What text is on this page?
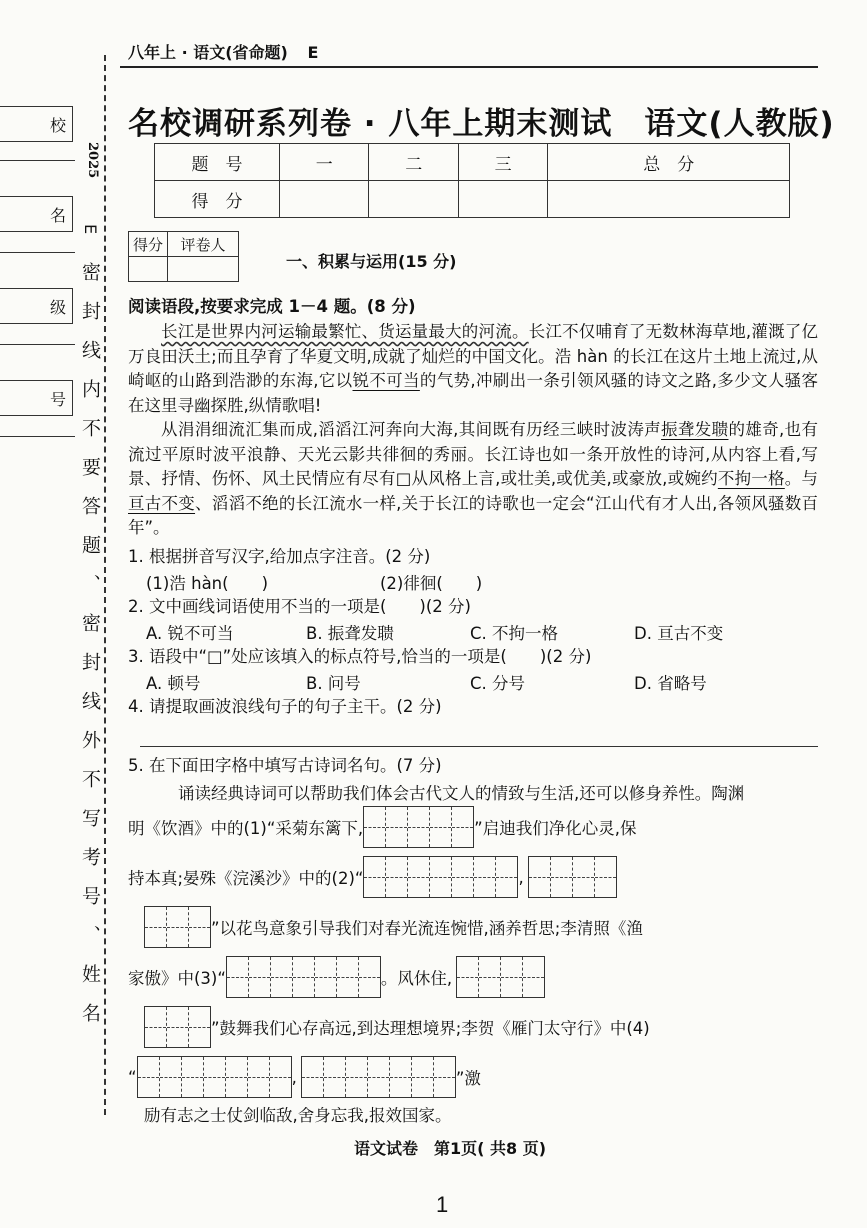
八年上 · 语文(省命题) E
校
名
级
号
2025
E
密封线内不要答题、密封线外不写考号、姓名
名校调研系列卷 · 八年上期末测试　语文(人教版)
题　号	一	二	三	总　分
得　分				
得分	评卷人

一、积累与运用(15 分)
阅读语段,按要求完成 1－4 题。(8 分)
长江是世界内河运输最繁忙、货运量最大的河流。长江不仅哺育了无数林海草地,灌溉了亿万良田沃土;而且孕育了华夏文明,成就了灿烂的中国文化。浩 hàn 的长江在这片土地上流过,从崎岖的山路到浩渺的东海,它以锐不可当的气势,冲刷出一条引领风骚的诗文之路,多少文人骚客在这里寻幽探胜,纵情歌唱!
从涓涓细流汇集而成,滔滔江河奔向大海,其间既有历经三峡时波涛声振聋发聩的雄奇,也有流过平原时波平浪静、天光云影共徘徊的秀丽。长江诗也如一条开放性的诗河,从内容上看,写景、抒情、伤怀、风土民情应有尽有□从风格上言,或壮美,或优美,或豪放,或婉约不拘一格。与亘古不变、滔滔不绝的长江流水一样,关于长江的诗歌也一定会“江山代有才人出,各领风骚数百年”。
1. 根据拼音写汉字,给加点字注音。(2 分)
(1)浩 hàn(　　)	(2)徘徊(　　)
2. 文中画线词语使用不当的一项是(　　)(2 分)
A. 锐不可当	B. 振聋发聩	C. 不拘一格	D. 亘古不变
3. 语段中“□”处应该填入的标点符号,恰当的一项是(　　)(2 分)
A. 顿号	B. 问号	C. 分号	D. 省略号
4. 请提取画波浪线句子的句子主干。(2 分)
5. 在下面田字格中填写古诗词名句。(7 分)
诵读经典诗词可以帮助我们体会古代文人的情致与生活 ,还可以修身养性。陶渊
明《饮酒》中的(1)“采菊东篱下,	”启迪我们净化心灵,保
持本真;晏殊《浣溪沙》中的(2)“	,
”以花鸟意象引导我们对春光流连惋惜,涵养哲思;李清照《渔
家傲》中(3)“	。风休住,
”鼓舞我们心存高远,到达理想境界;李贺《雁门太守行》中(4)
“	,	”激
励有志之士仗剑临敌,舍身忘我,报效国家。
语文试卷　第1页( 共8 页)
1
